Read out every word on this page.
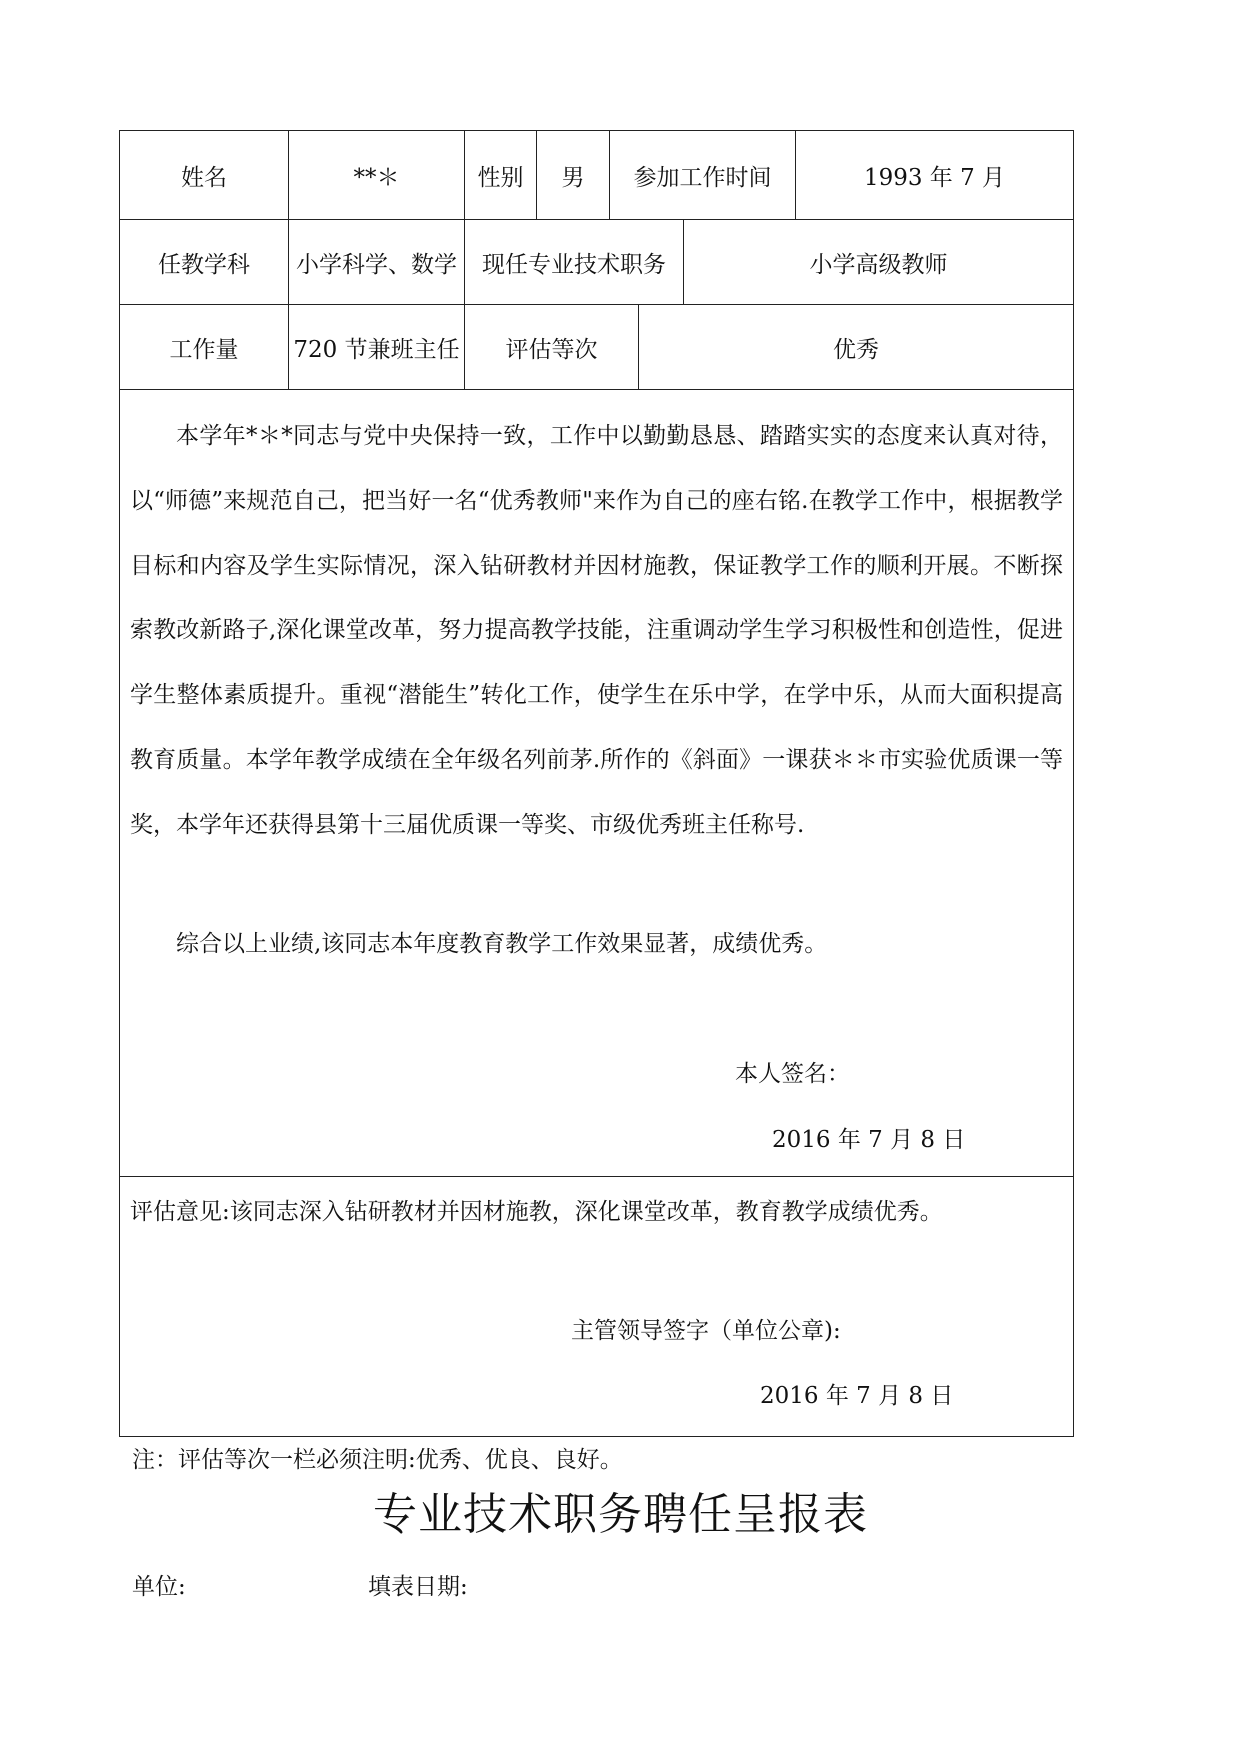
姓名	**＊	性别	男	参加工作时间	1993 年 7 月
任教学科	小学科学、数学	现任专业技术职务	小学高级教师
工作量	720 节兼班主任	评估等次	优秀

本学年*＊*同志与党中央保持一致，工作中以勤勤恳恳、踏踏实实的态度来认真对待，以“师德”来规范自己，把当好一名“优秀教师"来作为自己的座右铭.在教学工作中，根据教学目标和内容及学生实际情况，深入钻研教材并因材施教，保证教学工作的顺利开展。不断探索教改新路子,深化课堂改革，努力提高教学技能，注重调动学生学习积极性和创造性，促进学生整体素质提升。重视“潜能生”转化工作，使学生在乐中学，在学中乐，从而大面积提高教育质量。本学年教学成绩在全年级名列前茅.所作的《斜面》一课获＊＊市实验优质课一等奖，本学年还获得县第十三届优质课一等奖、市级优秀班主任称号.

综合以上业绩,该同志本年度教育教学工作效果显著，成绩优秀。

本人签名：
2016 年 7 月 8 日
评估意见:该同志深入钻研教材并因材施教，深化课堂改革，教育教学成绩优秀。
主管领导签字（单位公章):
2016 年 7 月 8 日
注：评估等次一栏必须注明:优秀、优良、良好。
专业技术职务聘任呈报表
单位:	填表日期:
